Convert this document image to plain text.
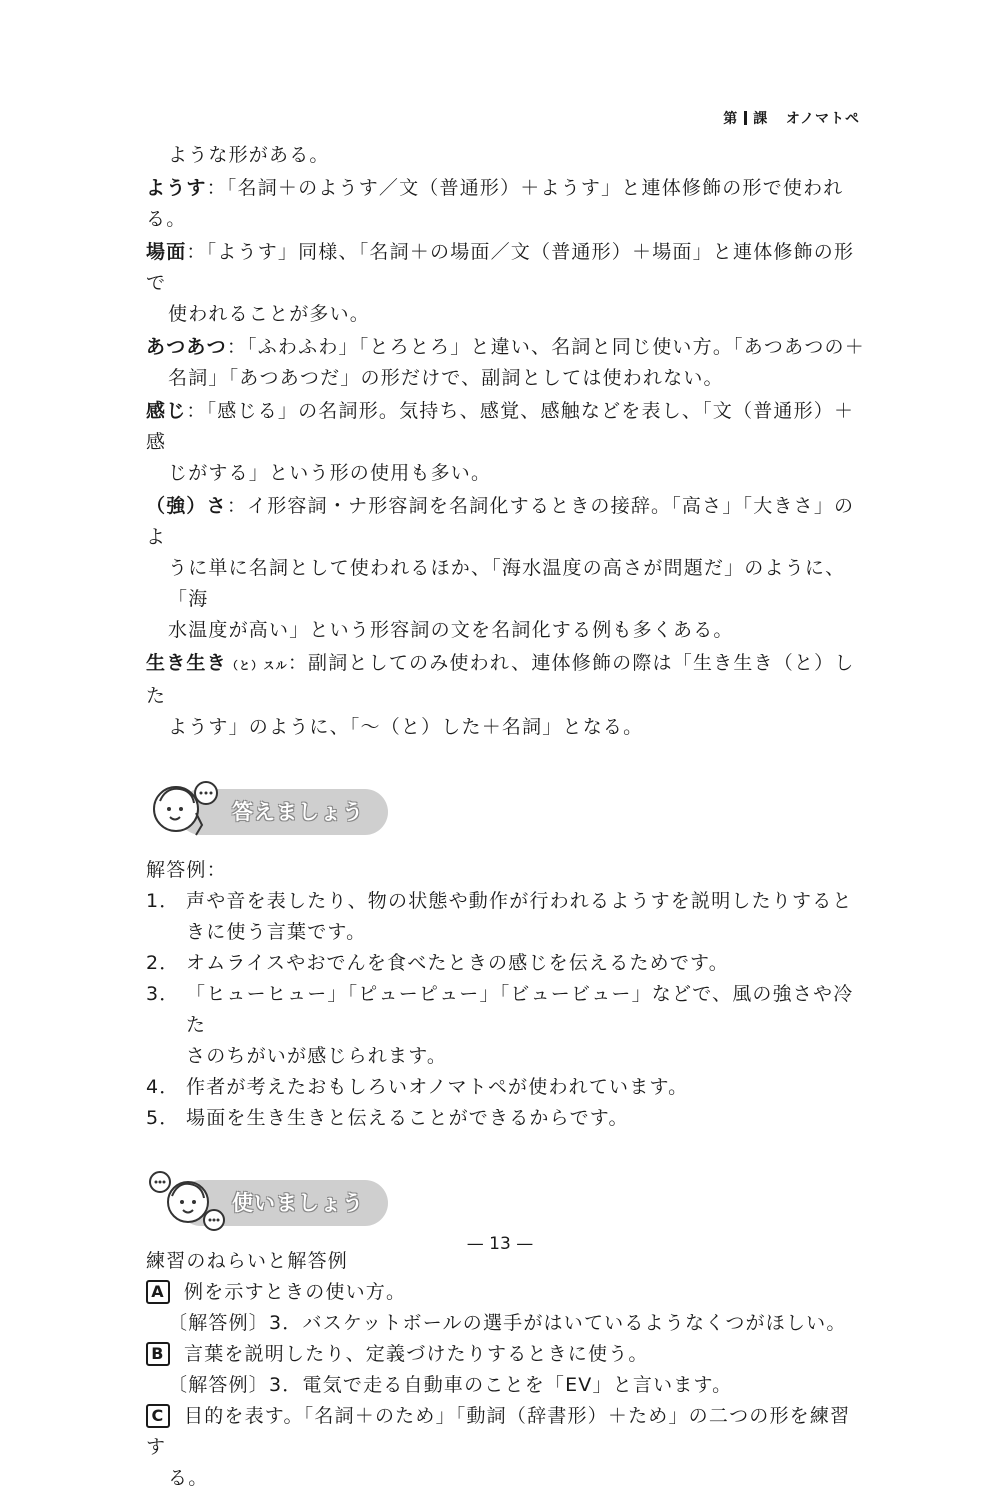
第 課 オノマトペ
ような形がある。
ようす：「名詞＋のようす／文（普通形）＋ようす」と連体修飾の形で使われる。
場面：「ようす」同様、「名詞＋の場面／文（普通形）＋場面」と連体修飾の形で
使われることが多い。
あつあつ：「ふわふわ」「とろとろ」と違い、名詞と同じ使い方。「あつあつの＋
名詞」「あつあつだ」の形だけで、副詞としては使われない。
感じ：「感じる」の名詞形。気持ち、感覚、感触などを表し、「文（普通形）＋感
じがする」という形の使用も多い。
（強）さ：イ形容詞・ナ形容詞を名詞化するときの接辞。「高さ」「大きさ」のよ
うに単に名詞として使われるほか、「海水温度の高さが問題だ」のように、「海
水温度が高い」という形容詞の文を名詞化する例も多くある。
生き生き（と）スル：副詞としてのみ使われ、連体修飾の際は「生き生き（と）した
ようす」のように、「〜（と）した＋名詞」となる。
答えましょう
解答例：
1． 声や音を表したり、物の状態や動作が行われるようすを説明したりすると
きに使う言葉です。
2． オムライスやおでんを食べたときの感じを伝えるためです。
3． 「ヒューヒュー」「ピューピュー」「ビュービュー」などで、風の強さや冷た
さのちがいが感じられます。
4． 作者が考えたおもしろいオノマトペが使われています。
5． 場面を生き生きと伝えることができるからです。
使いましょう
練習のねらいと解答例
A 例を示すときの使い方。
〔解答例〕3．バスケットボールの選手がはいているようなくつがほしい。
B 言葉を説明したり、定義づけたりするときに使う。
〔解答例〕3．電気で走る自動車のことを「EV」と言います。
C 目的を表す。「名詞＋のため」「動詞（辞書形）＋ため」の二つの形を練習す
る。
— 13 —
